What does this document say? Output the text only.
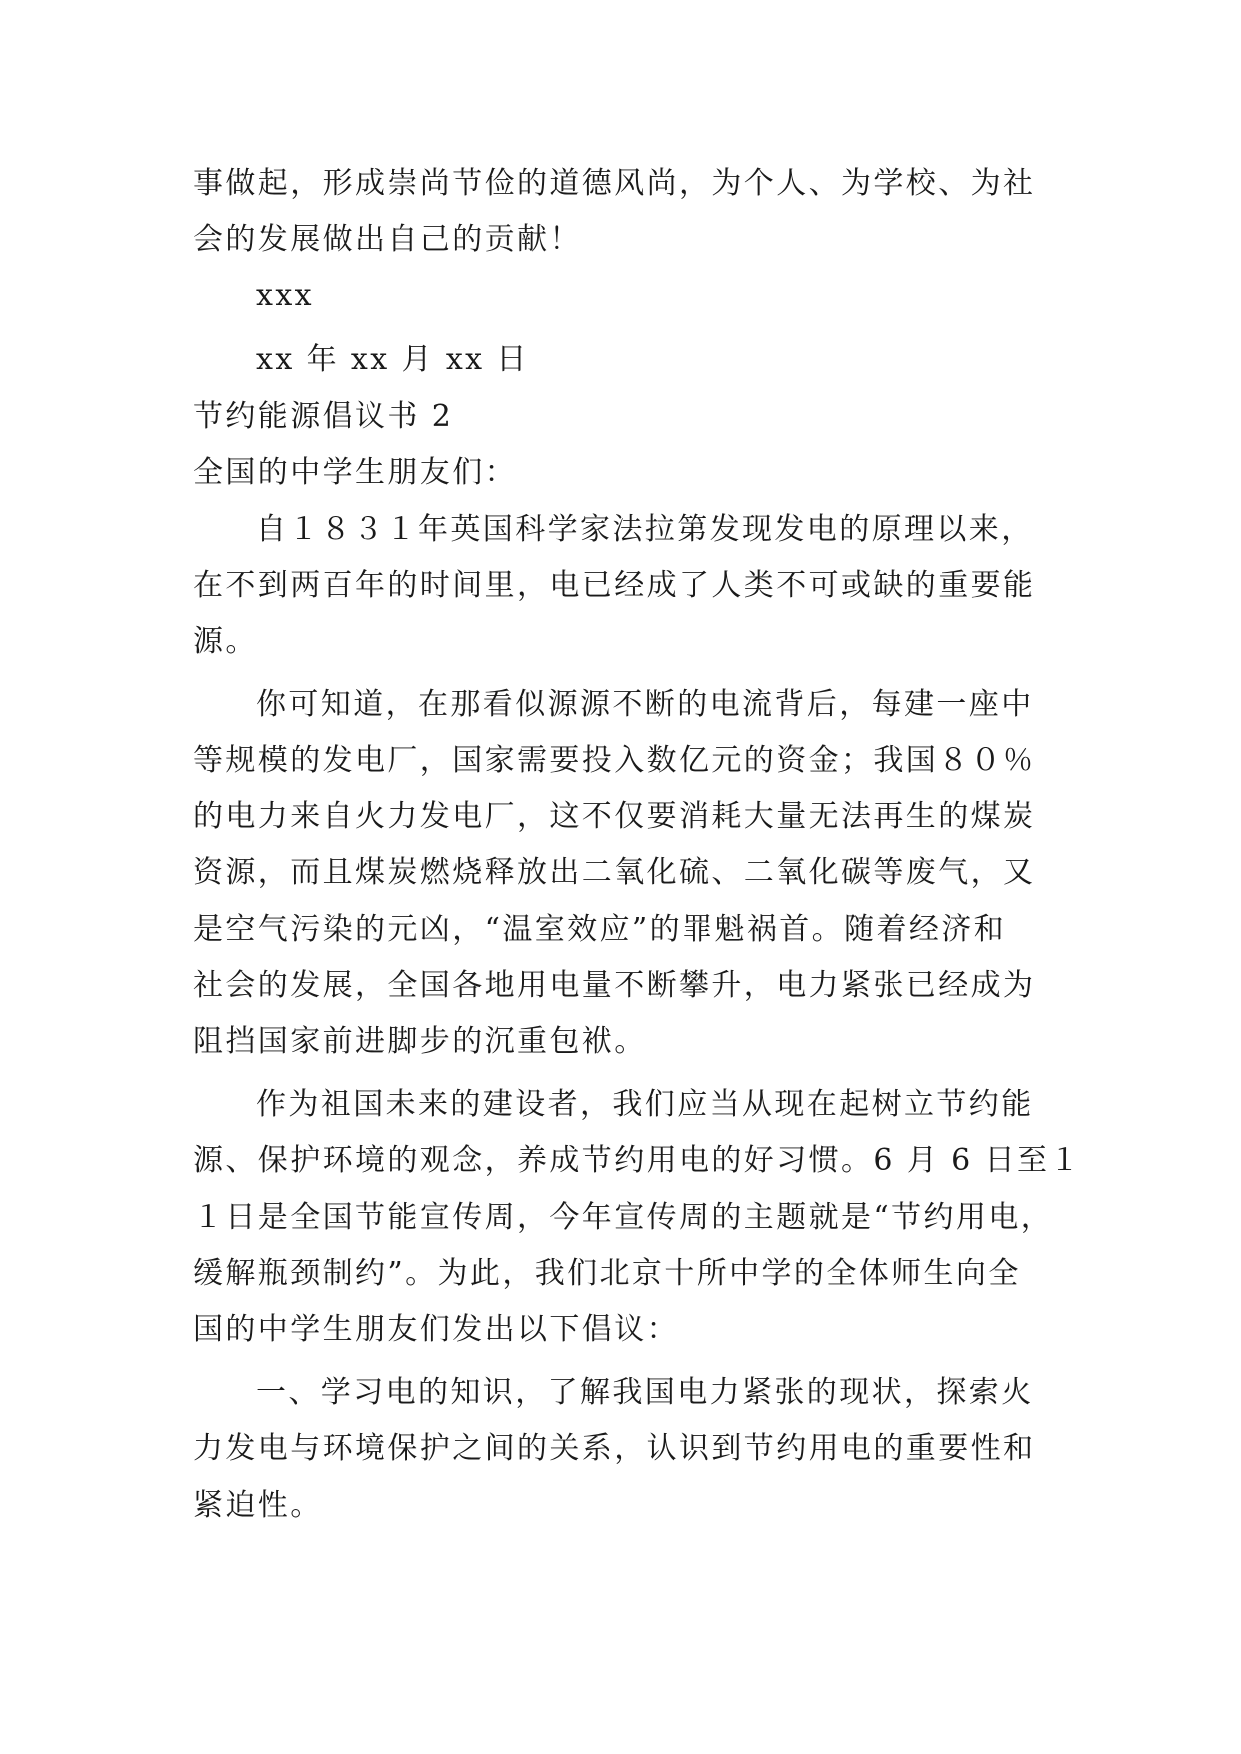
事做起，形成崇尚节俭的道德风尚，为个人、为学校、为社
会的发展做出自己的贡献！
xxx
xx 年 xx 月 xx 日
节约能源倡议书 2
全国的中学生朋友们：
自１８３１年英国科学家法拉第发现发电的原理以来，
在不到两百年的时间里，电已经成了人类不可或缺的重要能
源。
你可知道，在那看似源源不断的电流背后，每建一座中
等规模的发电厂，国家需要投入数亿元的资金；我国８０％
的电力来自火力发电厂，这不仅要消耗大量无法再生的煤炭
资源，而且煤炭燃烧释放出二氧化硫、二氧化碳等废气，又
是空气污染的元凶，“温室效应”的罪魁祸首。随着经济和
社会的发展，全国各地用电量不断攀升，电力紧张已经成为
阻挡国家前进脚步的沉重包袱。
作为祖国未来的建设者，我们应当从现在起树立节约能
源、保护环境的观念，养成节约用电的好习惯。6 月 6 日至１
１日是全国节能宣传周，今年宣传周的主题就是“节约用电，
缓解瓶颈制约”。为此，我们北京十所中学的全体师生向全
国的中学生朋友们发出以下倡议：
一、学习电的知识，了解我国电力紧张的现状，探索火
力发电与环境保护之间的关系，认识到节约用电的重要性和
紧迫性。
